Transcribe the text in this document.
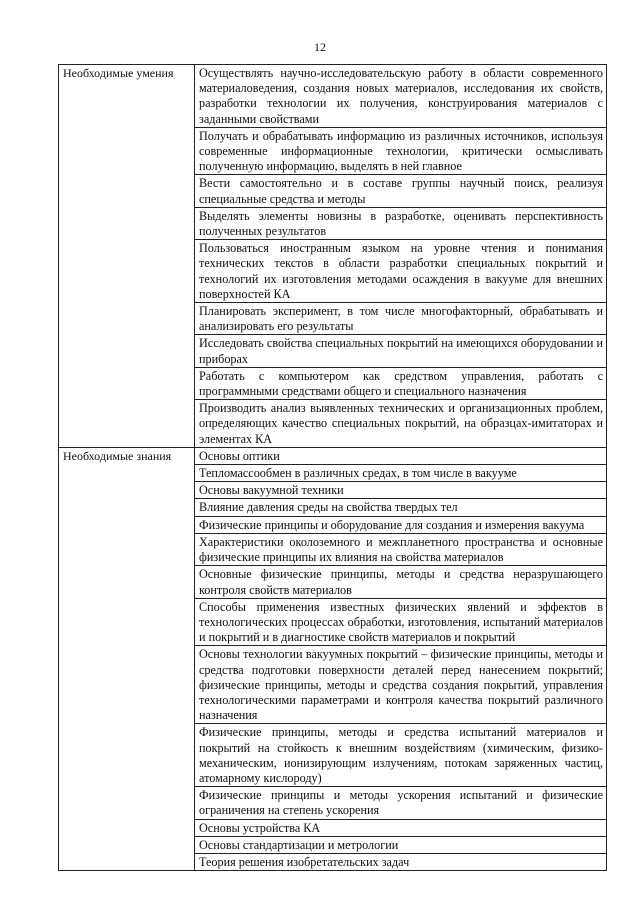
12
Необходимые умения	Осуществлять научно-исследовательскую работу в области современного материаловедения, создания новых материалов, исследования их свойств, разработки технологии их получения, конструирования материалов с заданными свойствами
Получать и обрабатывать информацию из различных источников, используя современные информационные технологии, критически осмысливать полученную информацию, выделять в ней главное
Вести самостоятельно и в составе группы научный поиск, реализуя специальные средства и методы
Выделять элементы новизны в разработке, оценивать перспективность полученных результатов
Пользоваться иностранным языком на уровне чтения и понимания технических текстов в области разработки специальных покрытий и технологий их изготовления методами осаждения в вакууме для внешних поверхностей КА
Планировать эксперимент, в том числе многофакторный, обрабатывать и анализировать его результаты
Исследовать свойства специальных покрытий на имеющихся оборудовании и приборах
Работать с компьютером как средством управления, работать с программными средствами общего и специального назначения
Производить анализ выявленных технических и организационных проблем, определяющих качество специальных покрытий, на образцах-имитаторах и элементах КА

Необходимые знания	Основы оптики
Тепломассообмен в различных средах, в том числе в вакууме
Основы вакуумной техники
Влияние давления среды на свойства твердых тел
Физические принципы и оборудование для создания и измерения вакуума
Характеристики околоземного и межпланетного пространства и основные физические принципы их влияния на свойства материалов
Основные физические принципы, методы и средства неразрушающего контроля свойств материалов
Способы применения известных физических явлений и эффектов в технологических процессах обработки, изготовления, испытаний материалов и покрытий и в диагностике свойств материалов и покрытий
Основы технологии вакуумных покрытий – физические принципы, методы и средства подготовки поверхности деталей перед нанесением покрытий; физические принципы, методы и средства создания покрытий, управления технологическими параметрами и контроля качества покрытий различного назначения
Физические принципы, методы и средства испытаний материалов и покрытий на стойкость к внешним воздействиям (химическим, физико-механическим, ионизирующим излучениям, потокам заряженных частиц, атомарному кислороду)
Физические принципы и методы ускорения испытаний и физические ограничения на степень ускорения
Основы устройства КА
Основы стандартизации и метрологии
Теория решения изобретательских задач
